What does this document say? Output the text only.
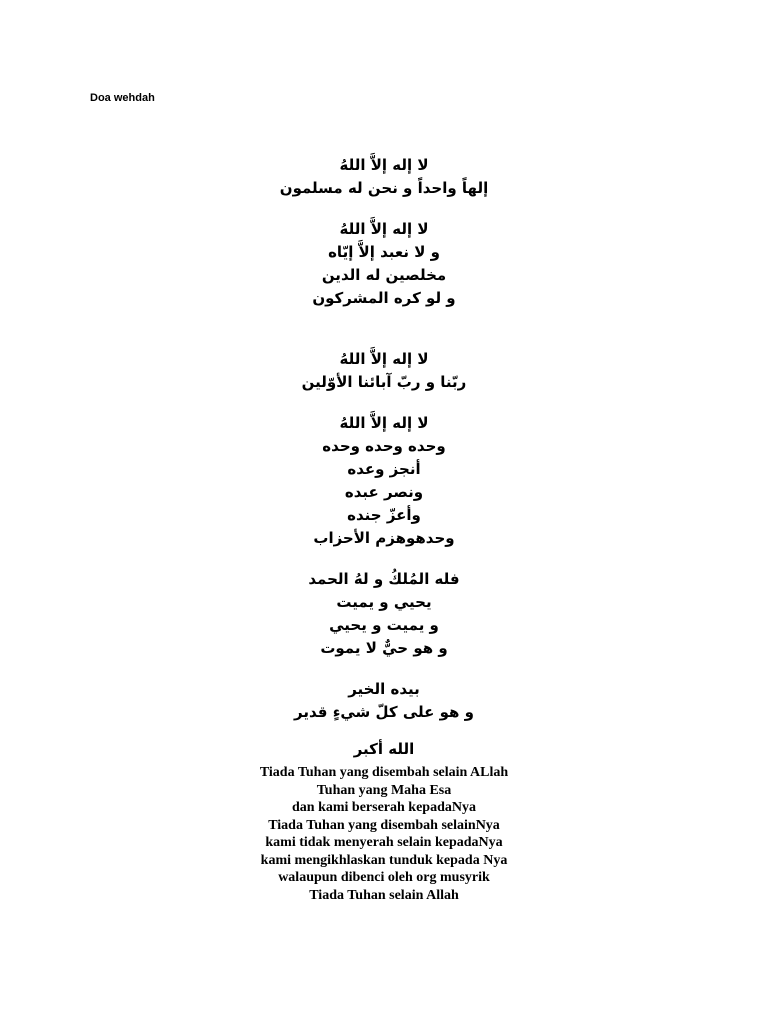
Doa wehdah
لا إله إلاَّ اللهُ
إلهاً واحداً و نحن له مسلمون
لا إله إلاَّ اللهُ
و لا نعبد إلاَّ إيّاه
مخلصين له الدين
و لو كره المشركون
لا إله إلاَّ اللهُ
ربّنا و ربّ آبائنا الأوّلين
لا إله إلاَّ اللهُ
وحده وحده وحده
أنجز وعده
ونصر عبده
وأعزّ جنده
وحدهوهزم الأحزاب
فله المُلكُ و لهُ الحمد
يحيي و يميت
و يميت و يحيي
و هو حيٌّ لا يموت
بيده الخير
و هو على كلّ شيءٍ قدير
الله أكبر
Tiada Tuhan yang disembah selain ALlah
Tuhan yang Maha Esa
dan kami berserah kepadaNya
Tiada Tuhan yang disembah selainNya
kami tidak menyerah selain kepadaNya
kami mengikhlaskan tunduk kepada Nya
walaupun dibenci oleh org musyrik
Tiada Tuhan selain Allah
